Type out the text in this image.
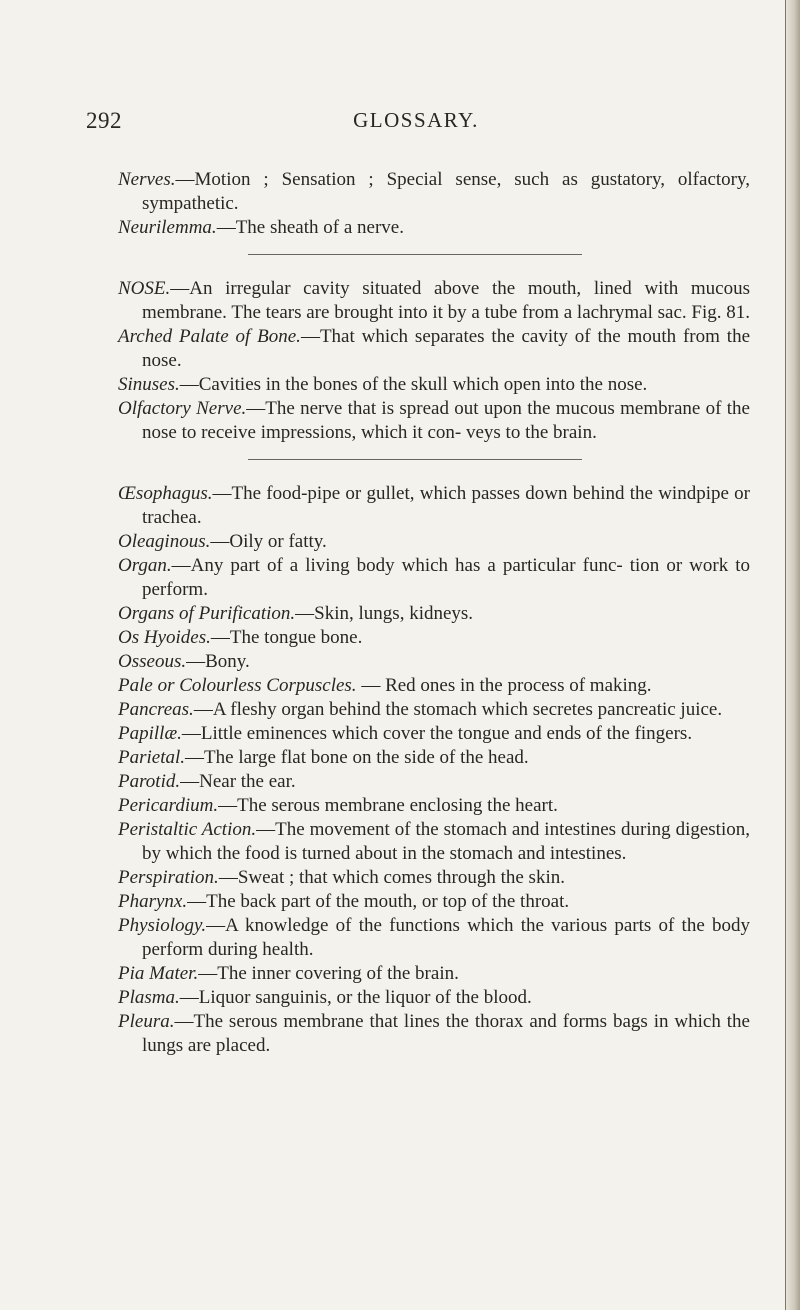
292	GLOSSARY.

Nerves.—Motion ; Sensation ; Special sense, such as gustatory, olfactory, sympathetic.

Neurilemma.—The sheath of a nerve.

NOSE.—An irregular cavity situated above the mouth, lined with mucous membrane. The tears are brought into it by a tube from a lachrymal sac. Fig. 81.

Arched Palate of Bone.—That which separates the cavity of the mouth from the nose.

Sinuses.—Cavities in the bones of the skull which open into the nose.

Olfactory Nerve.—The nerve that is spread out upon the mucous membrane of the nose to receive impressions, which it con- veys to the brain.

Œsophagus.—The food-pipe or gullet, which passes down behind the windpipe or trachea.

Oleaginous.—Oily or fatty.

Organ.—Any part of a living body which has a particular func- tion or work to perform.

Organs of Purification.—Skin, lungs, kidneys.

Os Hyoides.—The tongue bone.

Osseous.—Bony.

Pale or Colourless Corpuscles. — Red ones in the process of making.

Pancreas.—A fleshy organ behind the stomach which secretes pancreatic juice.

Papillæ.—Little eminences which cover the tongue and ends of the fingers.

Parietal.—The large flat bone on the side of the head.

Parotid.—Near the ear.

Pericardium.—The serous membrane enclosing the heart.

Peristaltic Action.—The movement of the stomach and intestines during digestion, by which the food is turned about in the stomach and intestines.

Perspiration.—Sweat ; that which comes through the skin.

Pharynx.—The back part of the mouth, or top of the throat.

Physiology.—A knowledge of the functions which the various parts of the body perform during health.

Pia Mater.—The inner covering of the brain.

Plasma.—Liquor sanguinis, or the liquor of the blood.

Pleura.—The serous membrane that lines the thorax and forms bags in which the lungs are placed.
